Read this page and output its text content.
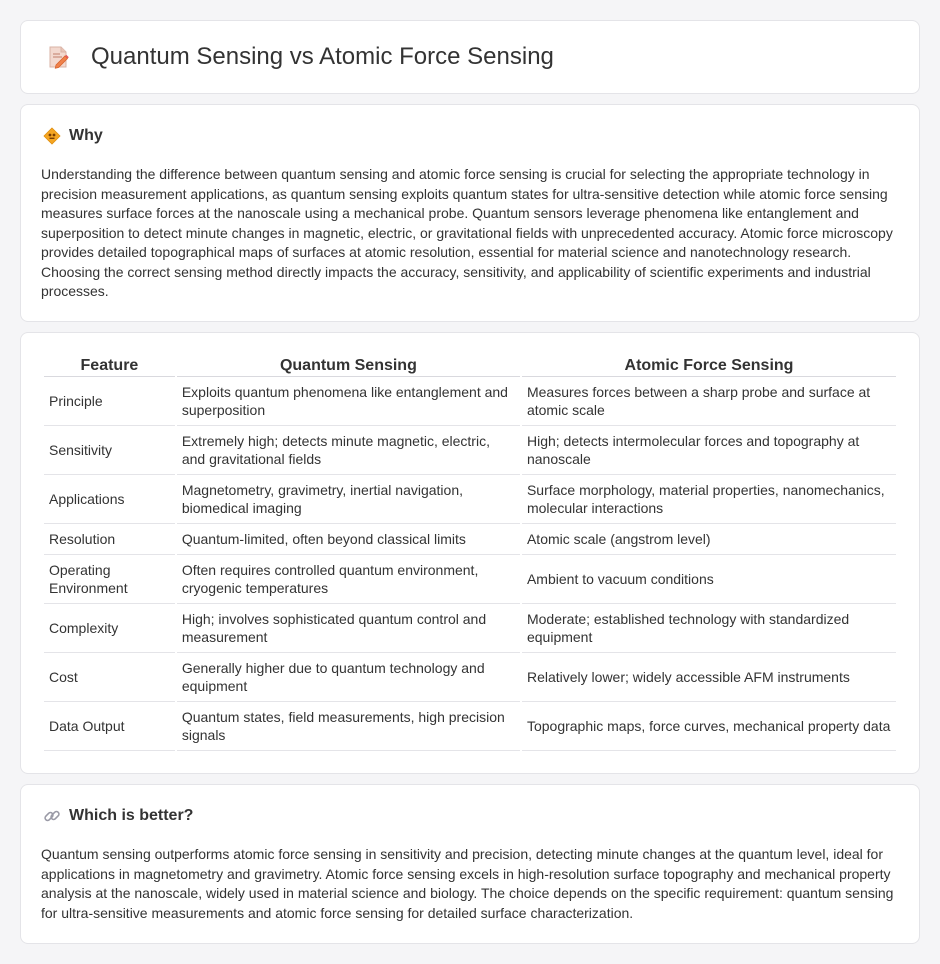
Quantum Sensing vs Atomic Force Sensing
Why

Understanding the difference between quantum sensing and atomic force sensing is crucial for selecting the appropriate technology in precision measurement applications, as quantum sensing exploits quantum states for ultra-sensitive detection while atomic force sensing measures surface forces at the nanoscale using a mechanical probe. Quantum sensors leverage phenomena like entanglement and superposition to detect minute changes in magnetic, electric, or gravitational fields with unprecedented accuracy. Atomic force microscopy provides detailed topographical maps of surfaces at atomic resolution, essential for material science and nanotechnology research. Choosing the correct sensing method directly impacts the accuracy, sensitivity, and applicability of scientific experiments and industrial processes.

Feature	Quantum Sensing	Atomic Force Sensing
Principle	Exploits quantum phenomena like entanglement and superposition	Measures forces between a sharp probe and surface at atomic scale
Sensitivity	Extremely high; detects minute magnetic, electric, and gravitational fields	High; detects intermolecular forces and topography at nanoscale
Applications	Magnetometry, gravimetry, inertial navigation, biomedical imaging	Surface morphology, material properties, nanomechanics, molecular interactions
Resolution	Quantum-limited, often beyond classical limits	Atomic scale (angstrom level)
Operating Environment	Often requires controlled quantum environment, cryogenic temperatures	Ambient to vacuum conditions
Complexity	High; involves sophisticated quantum control and measurement	Moderate; established technology with standardized equipment
Cost	Generally higher due to quantum technology and equipment	Relatively lower; widely accessible AFM instruments
Data Output	Quantum states, field measurements, high precision signals	Topographic maps, force curves, mechanical property data
Which is better?

Quantum sensing outperforms atomic force sensing in sensitivity and precision, detecting minute changes at the quantum level, ideal for applications in magnetometry and gravimetry. Atomic force sensing excels in high-resolution surface topography and mechanical property analysis at the nanoscale, widely used in material science and biology. The choice depends on the specific requirement: quantum sensing for ultra-sensitive measurements and atomic force sensing for detailed surface characterization.
